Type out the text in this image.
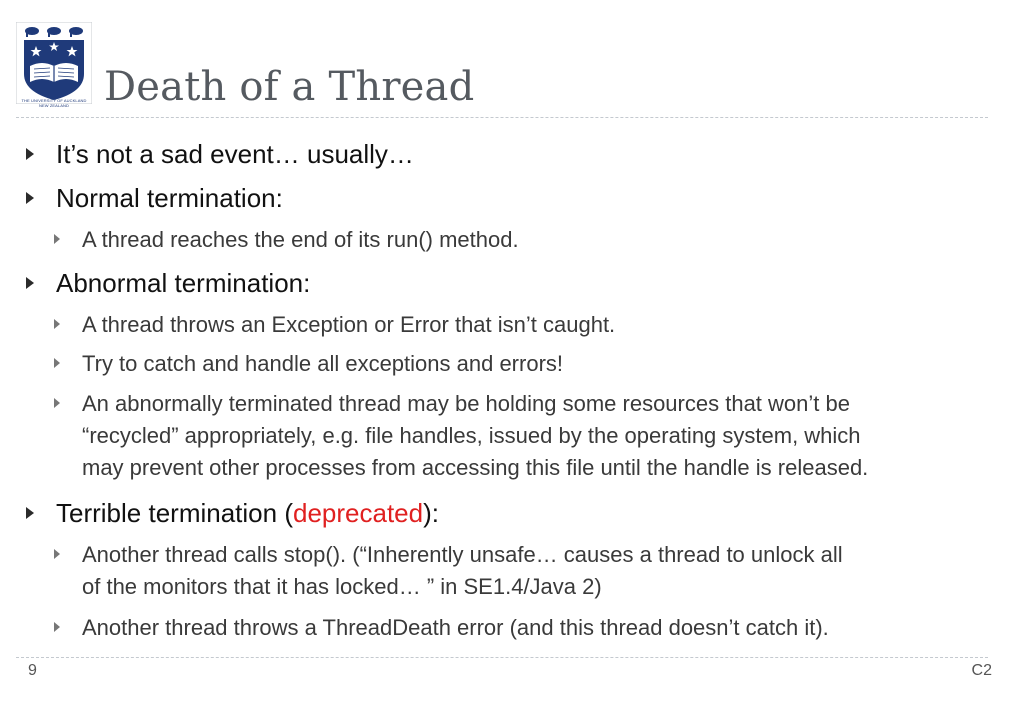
THE UNIVERSITY OF AUCKLAND
NEW ZEALAND Death of a Thread
It’s not a sad event… usually…
Normal termination:
A thread reaches the end of its run() method.
Abnormal termination:
A thread throws an Exception or Error that isn’t caught.
Try to catch and handle all exceptions and errors!
An abnormally terminated thread may be holding some resources that won’t be
“recycled” appropriately, e.g. file handles, issued by the operating system, which
may prevent other processes from accessing this file until the handle is released.
Terrible termination (deprecated):
Another thread calls stop(). (“Inherently unsafe… causes a thread to unlock all
of the monitors that it has locked… ” in SE1.4/Java 2)
Another thread throws a ThreadDeath error (and this thread doesn’t catch it).
9	C2
